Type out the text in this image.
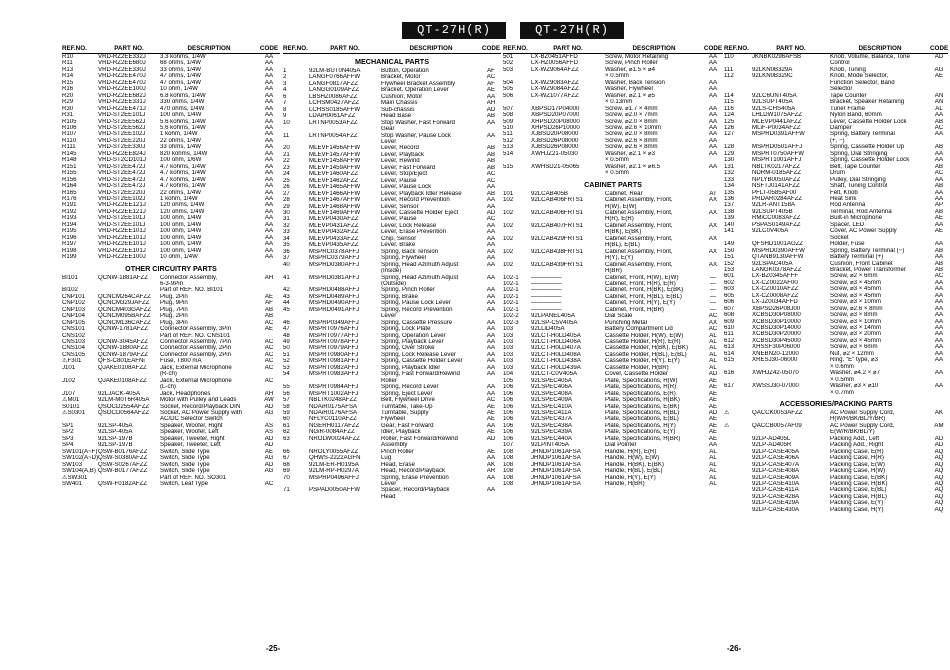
QT-27H(R)	QT-27H(R)
REF.NO.	PART NO.	DESCRIPTION	CODE
R10	VRD-RZ2EE332J	3.3 kohms, 1/4W	AA
R11	VRD-RZ2EE680J	68 ohms, 1/4W	AA
R13	VRD-RZ2EE330J	33 ohms, 1/4W	AA
R14	VRD-RZ2EE470J	47 ohms, 1/4W	AA
R15	VRD-RZ2EE470J	47 ohms, 1/4W	AA
R16	VRD-RZ2EE100J	10 ohm, 1/4W	AA
R20	VRD-RZ2EE682J	6.8 kohms, 1/4W	AA
R29	VRD-RZ2EE331J	330 ohms, 1/4W	AA
R30	VRD-RZ2EE471J	470 ohms, 1/4W	AA
R31	VRD-ST2EE101J	100 ohm, 1/4W	AA
R105	VRD-ST2EE562J	5.6 kohms, 1/4W	AA
R106	VRD-ST2EE562J	5.6 kohms, 1/4W	AA
R107	VRD-ST2EE102J	1 kohm, 1/4W	AA
R110	VRD-ST2EE220J	22 ohms, 1/4W	AA
R111	VRD-ST2EE330J	33 ohms, 1/4W	AA
R145	VRD-RZ2EE824J	820 kohms, 1/4W	AA
R148	VRD-ST2CD101J	100 ohm, 1/6W	AA
R151	VRD-ST2EE472J	4.7 kohms, 1/4W	AA
R155	VRD-ST2EE472J	4.7 kohms, 1/4W	AA
R156	VRD-ST2EE472J	4.7 kohms, 1/4W	AA
R164	VRD-ST2EE472J	4.7 kohms, 1/4W	AA
R165	VRD-ST2EE220J	22 ohms, 1/4W	AA
R176	VRD-ST2EE102J	1 kohm, 1/4W	AA
R191	VRD-RZ2EE121J	120 ohms, 1/4W	AA
R192	VRD-RZ2EE121J	120 ohms, 1/4W	AA
R193	VRD-ST2EE101J	100 ohm, 1/4W	AA
R194	VRD-ST2EE101J	100 ohm, 1/4W	AA
R195	VRD-RZ2EE101J	100 ohm, 1/4W	AA
R196	VRD-RZ2EE101J	100 ohm, 1/4W	AA
R197	VRD-RZ2EE101J	100 ohm, 1/4W	AA
R198	VRD-RZ2EE101J	100 ohm, 1/4W	AA
R199	VRD-RZ2EE100J	10 ohm, 1/4W	AA
OTHER CIRCUITRY PARTS
BI101	QCNW-1881AFZZ	Connector Assembly,	AH
6-3-9Pin
BI102	Part of REF. NO. BI101
CNP101	QCNCM264CAFZZ	Plug, 2Pin	AE
CNP102	QCNCM329JAFZZ	Plug, 9Pin	AF
CNP103	QCNCM403GAFZZ	Plug, 7Pin	AB
CNP104	QCNCM095BAFZZ	Plug, 2Pin	AB
CNP105	QCNCM136CAFZZ	Plug, 3Pin	AC
CNS101	QCNW-1781AFZZ	Connector Assembly, 3Pin	AE
CNS102	Part of REF. NO. CNS101
CNS103	QCNW-3045AFZZ	Connector Assembly, 7Pin	AC
CNS104	QCNW-1880AFZZ	Connector Assembly, 2Pin	AC
CNS105	QCNW-1879AFZZ	Connector Assembly, 2Pin	AC
⚠F301	QFS-C801EAFNi	Fuse, T800 mA	AC
J101	QJAKE0108AFZZ	Jack, External Microphone	AC
(R-ch)
J102	QJAKE0108AFZZ	Jack, External Microphone	AC
(L-ch)
J107	92LJACK-405A	Jack, Headphones	AH
⚠M01	92LM-M0T6R405A	Motor with Pulley and Leads	AW
S0101	QSOCD2554AFZZ	Socket, Record/Playback DIN	AD
⚠S0301	QSOCD0564AFZZ	Socket, AC Power Supply with	AG
AC/DC Selector Switch
SP1	92LSP-405A	Speaker, Woofer, Right	AS
SP2	92LSP-405A	Speaker, Woofer, Left	AS
SP3	92LSP-197B	Speaker, Tweeter, Right	AD
SP4	92LSP-197B	Speaker, Tweeter, Left	AD
SW101(A~F) QSW-B0176AFZZ	Switch, Slide Type	AE
SW102(A~D) QSW-S0380AFZZ	Switch, Slide Type	AG
SW103	QSW-S0267AFZZ	Switch, Slide Type	AD
SW104(A,B) QSW-B0177AFZZ	Switch, Slide Type	AG
⚠SW301	Part of REF. NO. SO301
SW401	QSW-F0182AFZZ	Switch, Leaf Type	AC
REF.NO.	PART NO.	DESCRIPTION	CODE
MECHANICAL PARTS
1	92LM-BUT0N405A	Button, Operation	AF
2	LANGF0766AFFW	Bracket, Motor	AC
3	LANGF0817AFZZ	Flywheel Bracket Assembly	AF
4	LANGG0109AFZZ	Bracket, Operation Lever	AE
6	LBSHZ0086AFZZ	Cushion, Motor	AA
7	LCHSM0427AFZZ	Main Chassis	AH
8	LCHSS0185AFFW	Sub-chassis	AD
9	LDAiH0061AFZZ	Head Base	AB
10	LRTNP0053AFZZ	Stop Washer, Fast Forward	AA
Gear
11	LRTNP0054AFZZ	Stop Washer, Pause Lock	AA
Lever
20	MLEVF1456AFFW	Lever, Record	AB
21	MLEVF1457AFFW	Lever, Playback	AB
22	MLEVF1458AFFW	Lever, Rewind	AB
23	MLEVF1459AFFW	Lever, Fast Forward	AB
24	MLEVF1460AFZZ	Lever, Stop/Eject	AC
25	MLEVF1462AFZZ	Lever, Pause	AC
26	MLEVF1465AFFW	Lever, Pause Lock	AA
27	MLEVF1466AFFW	Lever, Playback Idler Release	AB
28	MLEVF1467AFFW	Lever, Record Prevention	AA
29	MLEVF1468AFFW	Lever, Sensor	AA
30	MLEVF1469AFFW	Lever, Cassette Holder Eject	AD
31	MLEVP0430AFZZ	Lever, Pause	AC
32	MLEVP0431AFZZ	Lever, Lock Release	AA
33	MLEVP0432AFZZ	Lever, Erase Prevention	AA
34	MLEVP0433AFZZ	Chip, Sensor	AA
35	MLEVP0435AFZZ	Lever, Brake	AA
36	MSPRC0378AFFJ	Spring, Back Tension	AA
37	MSPRC0379AFFJ	Spring, Flywheel	AA
40	MSPRD0380AFFJ	Spring, Head Azimuth Adjust	AA
(Inside)
41	MSPRD0381AFFJ	Spring, Head Azimuth Adjust	AA
(Outside)
42	MSPRD0488AFFJ	Spring, Pinch Roller	AA
43	MSPRD0489AFFJ	Spring, Brake	AA
44	MSPRD0490AFFJ	Spring, Pause Lock Lever	AA
45	MSPRD0491AFFJ	Spring, Record Prevention	AA
Lever
46	MSPRP0349AFFJ	Spring, Cassette Pressure	AA
47	MSPRT0976AFFJ	Spring, Lock Plate	AA
48	MSPRT0977AFFJ	Spring, Operation Lever	AA
49	MSPRT0978AFFJ	Spring, Playback Lever	AA
50	MSPRT0979AFFJ	Spring, Over Stroke	AA
51	MSPRT0980AFFJ	Spring, Lock Release Lever	AA
52	MSPRT0981AFFJ	Spring, Cassette Holder Lever	AA
53	MSPRT0982AFFJ	Spring, Playback Idler	AA
54	MSPRT0983AFFJ	Spring, Fast Forward/Rewind	AA
Roller
55	MSPRT0984AFFJ	Spring, Record Lever	AA
56	MSPRT1002AFFJ	Spring, Eject Lever	AA
57	NBLTK0248AFZZ	Belt, Flywheel Drive	AC
58	NDAiR0175AFSA	Turntable, Take-Up	AE
59	NDAiR0176AFSA	Turntable, Supply	AE
60	NFLYC0110AFZZ	Flywheel	AE
61	NGERH0117AFZZ	Gear, Fast Forward	AA
62	NGiR-0084AFZZ	Idler, Playback	AE
63	NROLW0024AFZZ	Roller, Fast Forward/Rewind	AD
Assembly
66	NROLY0055AFZZ	Pinch Roller	AE
67	QHWS-2222AGFN	Lug	AA
68	92LM-ER-H0195A	Head, Erase	AK
69	92LM-RP-H0297A	Head, Record/Playback	AR
70	MSPRP0496AFFJ	Spring, Erase Prevention	AA
Lever
71	PSPAD0050AFFW	Spacer, Record/Playback	AA
Head
REF.NO.	PART NO.	DESCRIPTION	CODE
501	LX-BZ0451AFFD	Screw, Motor Retaining	AA
502	LX-HZ0056AFFD	Screw, Pinch Roller	AA
503	LX-WZ9064AFZZ	Washer, ⌀1.5 × ⌀4	AA
× 0.5mm
504	LX-WZ9083AFZZ	Washer, Back Tension	AA
505	LX-WZ9084AFZZ	Washer, Flywheel	AA
506	LX-WZ1077AFZZ	Washer, ⌀2.1 × ⌀5	AA
× 0.13mm
507	XBPSD17P04000	Screw, ⌀1.7 × 4mm	AA
508	XBPSD20P07000	Screw, ⌀2.0 × 7mm	AA
509	XHPSD20P08000	Screw, ⌀2.0 × 8mm	AA
510	XHPSD26P10000	Screw, ⌀2.6 × 10mm	AA
511	XJBSD20P08000	Screw, ⌀2.0 × 8mm	AA
512	XJBSD26P08000	Screw, ⌀2.6 × 8mm	AA
513	XJBSD26P08000	Screw, ⌀2.6 × 8mm	AA
514	XWHJZ21-05030	Washer, ⌀2.1 × ⌀3	AA
× 0.5mm
515	XWHSD21-05065	Washer, ⌀2.1 × ⌀6.5	AA
× 0.5mm
CABINET PARTS
101	92LCAB405B	Cabinet, Rear	AT
102	92LCAB406FRTS1	Cabinet Assembly, Front,	AX
H(W), E(W)
102	92LCAB406FRTS1	Cabinet Assembly, Front,	AX
H(R), E(R)
102	92LCAB407FRTS1	Cabinet Assembly, Front,	AX
H(BK), E(BK)
102	92LCAB429FRTS1	Cabinet Assembly, Front,	AX
H(BL), E(BL)
102	92LCAB438FRTS1	Cabinet Assembly, Front,	AX
H(Y), E(Y)
102	92LCAB439FRTS1	Cabinet Assembly, Front,	AX
H(BR)
102-1	—————	Cabinet, Front, H(W), E(W)	—
102-1	—————	Cabinet, Front, H(R), E(R)	—
102-1	—————	Cabinet, Front, H(BK), E(BK)	—
102-1	—————	Cabinet, Front, H(BL), E(BL)	—
102-1	—————	Cabinet, Front, H(Y), E(Y)	—
102-1	—————	Cabinet, Front, H(BR)	—
102-2	92LPANEL405A	Dial Scale	AC
102-3	92LSP-C5V405A	Punching Metal	AX
103	92LLiD405A	Battery Compartment Lid	AC
103	92LCT-H0LD405A	Cassette Holder, H(W), E(W)	AL
103	92LCT-H0LD406A	Cassette Holder, H(R), E(R)	AL
103	92LCT-H0LD407A	Cassette Holder, H(BK), E(BK)	AL
103	92LCT-H0LD408A	Cassette Holder, H(BL), E(BL)	AL
103	92LCT-H0LD438A	Cassette Holder, H(Y), E(Y)	AL
103	92LCT-H0LD439A	Cassette Holder, H(BR)	AL
104	92LCT-C0V405A	Cover, Cassette Holder	AD
105	92LSPEC405A	Plate, Specifications, H(W)	AE
106	92LSPEC406A	Plate, Specifications, H(R)	AE
106	92LSPEC408A	Plate, Specifications, E(R)	AE
106	92LSPEC409A	Plate, Specifications, H(BK)	AE
106	92LSPEC410A	Plate, Specifications, E(BK)	AE
106	92LSPEC411A	Plate, Specifications, H(BL)	AD
106	92LSPEC437A	Plate, Specifications, E(BL)	AE
106	92LSPEC438A	Plate, Specifications, H(Y)	AE
106	92LSPEC439A	Plate, Specifications, E(Y)	AE
106	92LSPEC440A	Plate, Specifications, H(BR)	AE
107	92LPiNT405A	Dial Pointer	AA
108	JHNDP1061AFSA	Handle, H(R), E(R)	AL
108	JHNDP1061AFSA	Handle, H(W), E(W)	AL
108	JHNDP1061AFSA	Handle, H(BK), E(BK)	AL
108	JHNDP1061AFSA	Handle, H(BL), E(BL)	AL
108	JHNDP1061AFSA	Handle, H(Y), E(Y)	AL
108	JHNDP1061AFSA	Handle, H(BR)	AL
REF.NO.	PART NO.	DESCRIPTION	CODE
110	JKNBK0296AFSB	Knob, Volume, Balance, Tone	AD
Control
111	92LKN0B329A	Knob, Tuning	AG
112	92LKN0B329C	Knob, Mode Selector,	AE
Function Selector, Band
Selector
114	92LC6UNT405A	Tape Counter	AN
115	92LSUPT405A	Bracket, Speaker Retaining	AN
116	92LS-CHS405A	Tuner Frame	AL
124	LHLDW1075AFZZ	Nylon Band, 60mm	AA
125	MLEVP0441AFZZ	Lever, Cassette Holder Lock	AB
126	MLiF-P0034AFZZ	Damper	AC
127	MSPRD0391AFFW	Spring, Battery Terminal	AA
(+, −)
128	MSPRD0501AFFJ	Spring, Cassette Holder Up	AB
129	MSPRT0750AFFW	Spring, Dial Stringing	AA
130	MSPRT1001AFFJ	Spring, Cassette Holder Lock	AA
131	NBLTK0217AFZZ	Belt, Tape Counter	AB
132	NDRM-0185AFZZ	Drum	AC
133	NPLYB0050AFZZ	Pulley, Dial Stringing	AA
134	NSFTJ0141AFZZ	Shaft, Tuning Control	AB
135	PFLT-0585AF00	Felt, Knob	AA
136	PRDAR0284AFZZ	Heat Sink	AA
137	92LR-ANT158A	Rod Antenna	AP
138	92LSUPT405B	Terminal, Rod Antenna	AB
139	RMiCC0083AFZZ	Built-in Microphone	AE
140	PSPAS0149AFZZ	Spacer, LED	AA
141	92LC0V405A	Cover, AC Power Supply	AE
Socket
149	QFSHD1001AGZZ	Holder, Fuse	AA
150	MSPRD0390AFFW	Spring, Battery Terminal (−)	AB
151	QTANB9130AFFW	Battery Terminal (+)	AA
152	92LSPAC405A	Cushion, Front Cabinet	AB
153	LANGK0378AFZZ	Bracket, Power Transformer	AB
601	LX-BZ0345AFFF	Screw, ⌀2 × 6mm	AC
602	LX-CZ0022AF00	Screw, ⌀3 × 45mm	AA
603	LX-CZ0010AFZZ	Screw, ⌀3 × 45mm	AA
605	LX-CZ0008AFZZ	Screw, ⌀3 × 45mm	AA
606	LX-JZ0034AFFD	Screw, ⌀3 × 10mm	AA
607	XBPSD26P08J00	Screw, ⌀2.6 × 8mm	AA
608	XCBSD30P08000	Screw, ⌀3 × 8mm	AA
609	XCBSD30P10000	Screw, ⌀3 × 10mm	AA
610	XCBSD30P14000	Screw, ⌀3 × 14mm	AA
611	XCBSD30P20000	Screw, ⌀3 × 20mm	AA
612	XCBSD30P45000	Screw, ⌀3 × 45mm	AA
613	XHSSF30P06000	Screw, ⌀3 × 6mm	AA
614	XNEBN20-12000	Nut, ⌀2 × 12mm	AA
615	XRESJ30-06000	Ring, "E" type, ⌀3	AA
× 0.6mm
616	XWHJZ42-05070	Washer, ⌀4.2 × ⌀7	AA
× 0.5mm
617	XWSSJ30-07000	Washer, ⌀3 × ⌀10	AA
× 0.7mm
ACCESSORIES/PACKING PARTS
⚠	QACCK0053AFZZ	AC Power Supply Cord,	AK
H(W/R/BK/BL/Y/BR)
⚠	QACCB0057AF09	AC Power Supply Cord,	AM
E(W/R/BK/BL/Y)
92LP-AD405L	Packing Add., Left	AD
92LP-AD405R	Packing Add., Right	AD
92LP-CASE405A	Packing Case, E(R)	AQ
92LP-CASE406A	Packing Case, H(R)	AQ
92LP-CASE407A	Packing Case, E(W)	AQ
92LP-CASE408A	Packing Case, H(W)	AQ
92LP-CASE409A	Packing Case, E(BK)	AQ
92LP-CASE410A	Packing Case, H(BK)	AQ
92LP-CASE411A	Packing Case, E(BL)	AQ
92LP-CASE428A	Packing Case, H(BL)	AQ
92LP-CASE429A	Packing Case, E(Y)	AQ
92LP-CASE430A	Packing Case, H(Y)	AQ
-25-	-26-
